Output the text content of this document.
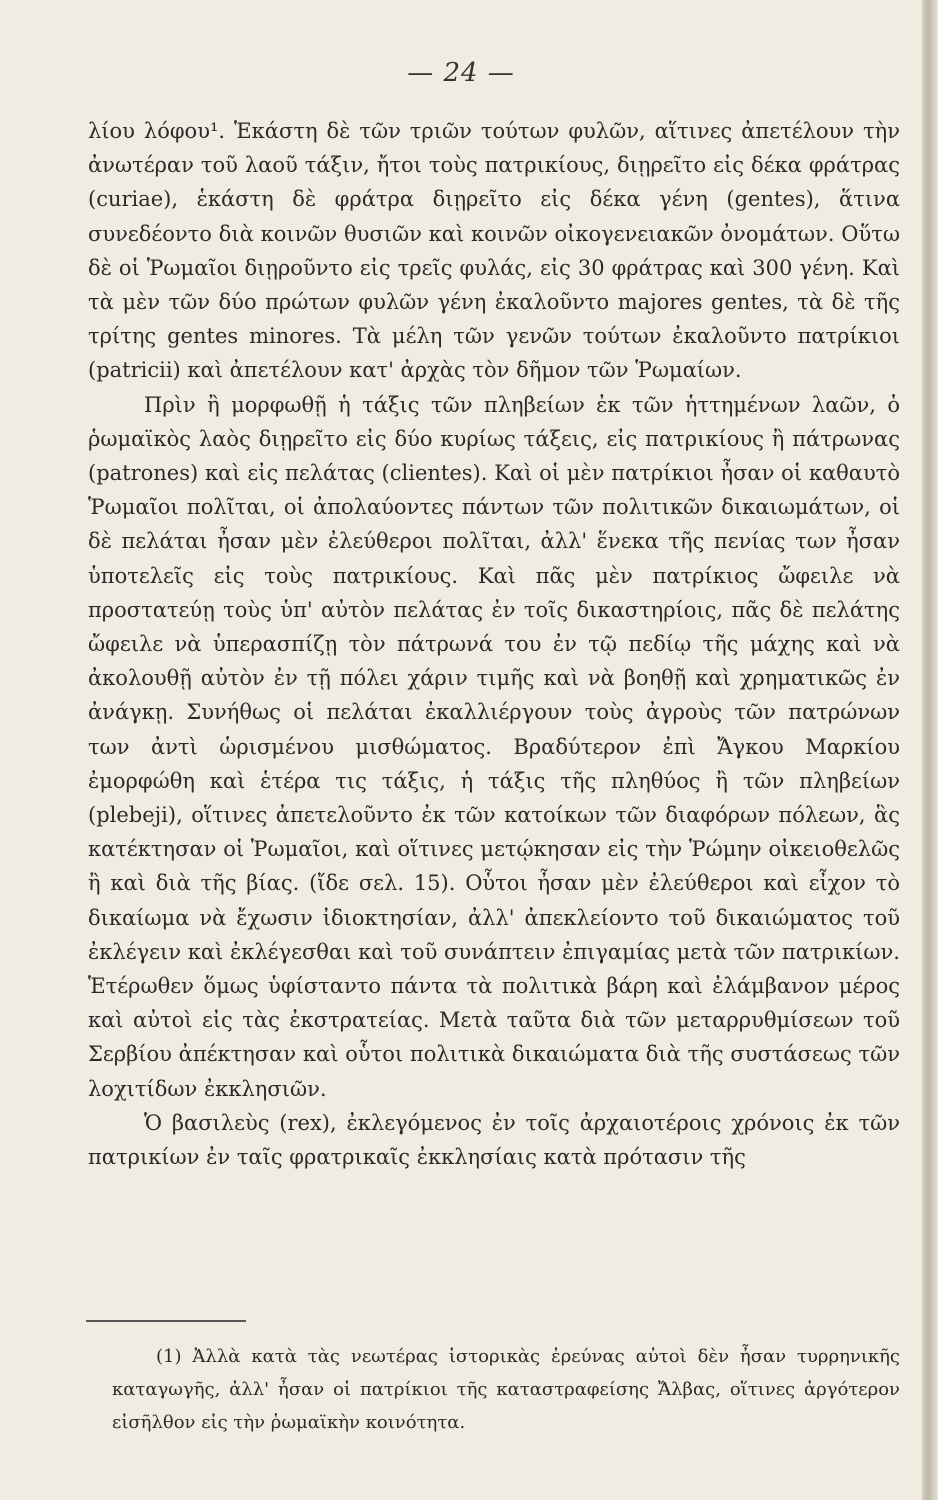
— 24 —

λίου λόφου¹. Ἑκάστη δὲ τῶν τριῶν τούτων φυλῶν, αἵτινες ἀπετέλουν τὴν ἀνωτέραν τοῦ λαοῦ τάξιν, ἤτοι τοὺς πατρικίους, διῃρεῖτο εἰς δέκα φράτρας (curiae), ἑκάστη δὲ φράτρα διῃρεῖτο εἰς δέκα γένη (gentes), ἅτινα συνεδέοντο διὰ κοινῶν θυσιῶν καὶ κοινῶν οἰκογενειακῶν ὀνομάτων. Οὕτω δὲ οἱ Ῥωμαῖοι διῃροῦντο εἰς τρεῖς φυλάς, εἰς 30 φράτρας καὶ 300 γένη. Καὶ τὰ μὲν τῶν δύο πρώτων φυλῶν γένη ἐκαλοῦντο majores gentes, τὰ δὲ τῆς τρίτης gentes minores. Τὰ μέλη τῶν γενῶν τούτων ἐκαλοῦντο πατρίκιοι (patricii) καὶ ἀπετέλουν κατ' ἀρχὰς τὸν δῆμον τῶν Ῥωμαίων.

Πρὶν ἢ μορφωθῇ ἡ τάξις τῶν πληβείων ἐκ τῶν ἡττημένων λαῶν, ὁ ῥωμαϊκὸς λαὸς διῃρεῖτο εἰς δύο κυρίως τάξεις, εἰς πατρικίους ἢ πάτρωνας (patrones) καὶ εἰς πελάτας (clientes). Καὶ οἱ μὲν πατρίκιοι ἦσαν οἱ καθαυτὸ Ῥωμαῖοι πολῖται, οἱ ἀπολαύοντες πάντων τῶν πολιτικῶν δικαιωμάτων, οἱ δὲ πελάται ἦσαν μὲν ἐλεύθεροι πολῖται, ἀλλ' ἕνεκα τῆς πενίας των ἦσαν ὑποτελεῖς εἰς τοὺς πατρικίους. Καὶ πᾶς μὲν πατρίκιος ὤφειλε νὰ προστατεύῃ τοὺς ὑπ' αὐτὸν πελάτας ἐν τοῖς δικαστηρίοις, πᾶς δὲ πελάτης ὤφειλε νὰ ὑπερασπίζῃ τὸν πάτρωνά του ἐν τῷ πεδίῳ τῆς μάχης καὶ νὰ ἀκολουθῇ αὐτὸν ἐν τῇ πόλει χάριν τιμῆς καὶ νὰ βοηθῇ καὶ χρηματικῶς ἐν ἀνάγκῃ. Συνήθως οἱ πελάται ἐκαλλιέργουν τοὺς ἀγροὺς τῶν πατρώνων των ἀντὶ ὡρισμένου μισθώματος. Βραδύτερον ἐπὶ Ἄγκου Μαρκίου ἐμορφώθη καὶ ἑτέρα τις τάξις, ἡ τάξις τῆς πληθύος ἢ τῶν πληβείων (plebeji), οἵτινες ἀπετελοῦντο ἐκ τῶν κατοίκων τῶν διαφόρων πόλεων, ἃς κατέκτησαν οἱ Ῥωμαῖοι, καὶ οἵτινες μετῴκησαν εἰς τὴν Ῥώμην οἰκειοθελῶς ἢ καὶ διὰ τῆς βίας. (ἴδε σελ. 15). Οὗτοι ἦσαν μὲν ἐλεύθεροι καὶ εἶχον τὸ δικαίωμα νὰ ἔχωσιν ἰδιοκτησίαν, ἀλλ' ἀπεκλείοντο τοῦ δικαιώματος τοῦ ἐκλέγειν καὶ ἐκλέγεσθαι καὶ τοῦ συνάπτειν ἐπιγαμίας μετὰ τῶν πατρικίων. Ἑτέρωθεν ὅμως ὑφίσταντο πάντα τὰ πολιτικὰ βάρη καὶ ἐλάμβανον μέρος καὶ αὐτοὶ εἰς τὰς ἐκστρατείας. Μετὰ ταῦτα διὰ τῶν μεταρρυθμίσεων τοῦ Σερβίου ἀπέκτησαν καὶ οὗτοι πολιτικὰ δικαιώματα διὰ τῆς συστάσεως τῶν λοχιτίδων ἐκκλησιῶν.

Ὁ βασιλεὺς (rex), ἐκλεγόμενος ἐν τοῖς ἀρχαιοτέροις χρόνοις ἐκ τῶν πατρικίων ἐν ταῖς φρατρικαῖς ἐκκλησίαις κατὰ πρότασιν τῆς

(1) Ἀλλὰ κατὰ τὰς νεωτέρας ἱστορικὰς ἐρεύνας αὐτοὶ δὲν ἦσαν τυρρηνικῆς καταγωγῆς, ἀλλ' ἦσαν οἱ πατρίκιοι τῆς καταστραφείσης Ἄλβας, οἵτινες ἀργότερον εἰσῆλθον εἰς τὴν ῥωμαϊκὴν κοινότητα.
